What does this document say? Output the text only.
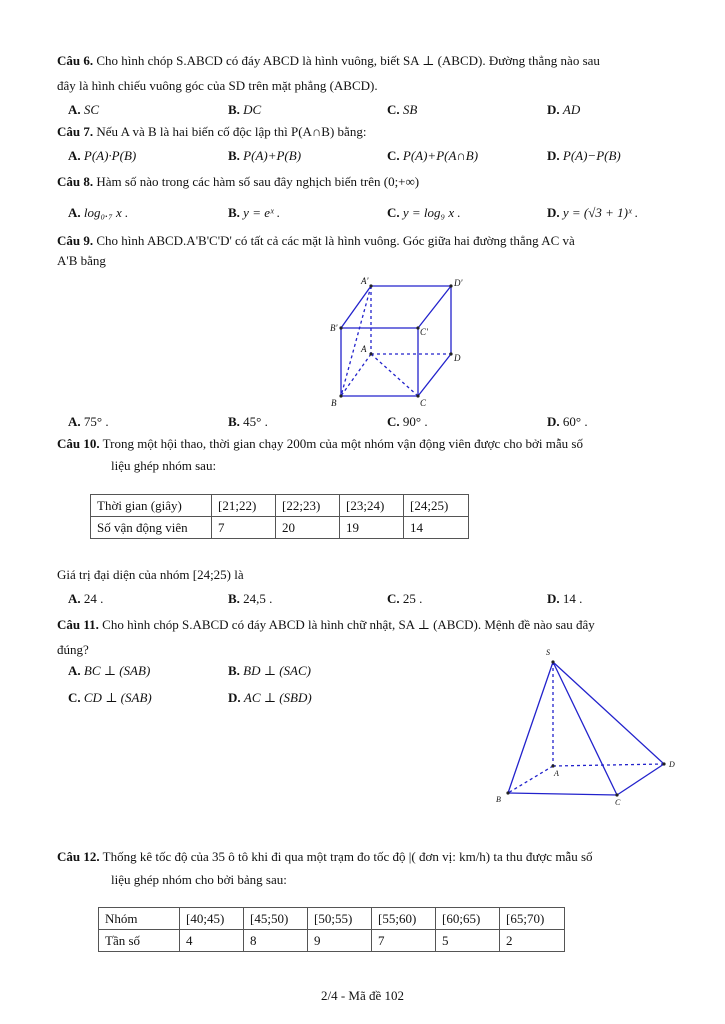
Câu 6. Cho hình chóp S.ABCD có đáy ABCD là hình vuông, biết SA ⊥ (ABCD). Đường thẳng nào sau
đây là hình chiếu vuông góc của SD trên mặt phẳng (ABCD).
A. SC	B. DC	C. SB	D. AD
Câu 7. Nếu A và B là hai biến cố độc lập thì P(A∩B) bằng:
A. P(A)·P(B)	B. P(A)+P(B)	C. P(A)+P(A∩B)	D. P(A)−P(B)
Câu 8. Hàm số nào trong các hàm số sau đây nghịch biến trên (0;+∞)
A. log₀.₇ x .	B. y = eˣ .	C. y = log₉ x .	D. y = (√3 + 1)ˣ .
Câu 9. Cho hình ABCD.A'B'C'D' có tất cả các mặt là hình vuông. Góc giữa hai đường thẳng AC và
A'B bằng
A'	D'
B'	C'
A
D
B	C
A. 75° .	B. 45° .	C. 90° .	D. 60° .
Câu 10. Trong một hội thao, thời gian chạy 200m của một nhóm vận động viên được cho bởi mẫu số
liệu ghép nhóm sau:
Thời gian (giây)	[21;22)	[22;23)	[23;24)	[24;25)
Số vận động viên	7	20	19	14
Giá trị đại diện của nhóm [24;25) là
A. 24 .	B. 24,5 .	C. 25 .	D. 14 .
Câu 11. Cho hình chóp S.ABCD có đáy ABCD là hình chữ nhật, SA ⊥ (ABCD). Mệnh đề nào sau đây
đúng?
A. BC ⊥ (SAB)	B. BD ⊥ (SAC)
C. CD ⊥ (SAB)	D. AC ⊥ (SBD)
S
A
B	C
D
Câu 12. Thống kê tốc độ của 35 ô tô khi đi qua một trạm đo tốc độ |( đơn vị: km/h) ta thu được mẫu số
liệu ghép nhóm cho bởi bảng sau:
Nhóm	[40;45)	[45;50)	[50;55)	[55;60)	[60;65)	[65;70)
Tần số	4	8	9	7	5	2
2/4 - Mã đề 102
